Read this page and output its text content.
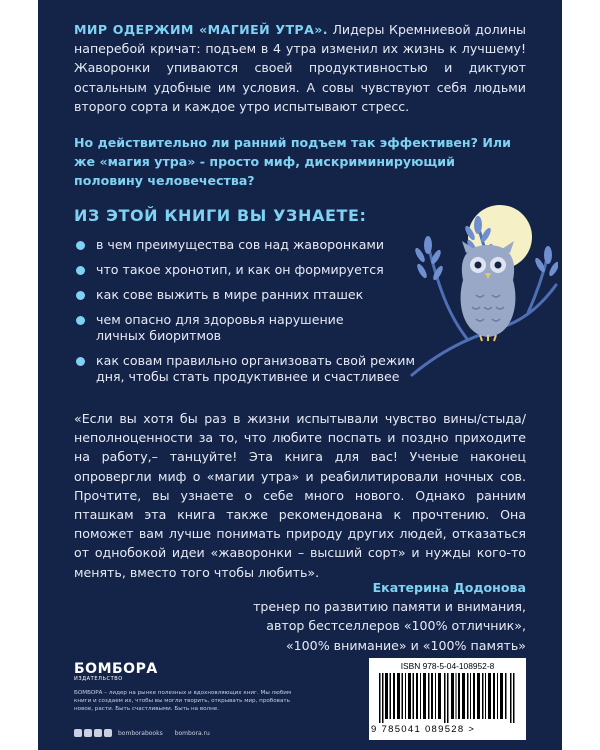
МИР ОДЕРЖИМ «МАГИЕЙ УТРА». Лидеры Кремниевой долины наперебой кричат: подъем в 4 утра изменил их жизнь к лучшему! Жаворонки упиваются своей продуктивностью и диктуют остальным удобные им условия. А совы чувствуют себя людьми второго сорта и каждое утро испытывают стресс.

Но действительно ли ранний подъем так эффективен? Или же «магия утра» - просто миф, дискриминирующий половину человечества?

ИЗ ЭТОЙ КНИГИ ВЫ УЗНАЕТЕ:
в чем преимущества сов над жаворонками
что такое хронотип, и как он формируется
как сове выжить в мире ранних пташек
чем опасно для здоровья нарушение личных биоритмов
как совам правильно организовать свой режим дня, чтобы стать продуктивнее и счастливее

«Если вы хотя бы раз в жизни испытывали чувство вины/стыда/неполноценности за то, что любите поспать и поздно приходите на работу,– танцуйте! Эта книга для вас! Ученые наконец опровергли миф о «магии утра» и реабилитировали ночных сов. Прочтите, вы узнаете о себе много нового. Однако ранним пташкам эта книга также рекомендована к прочтению. Она поможет вам лучше понимать природу других людей, отказаться от однобокой идеи «жаворонки – высший сорт» и нужды кого-то менять, вместо того чтобы любить».

Екатерина Додонова
тренер по развитию памяти и внимания,
автор бестселлеров «100% отличник»,
«100% внимание» и «100% память»
БОМБОРА
ИЗДАТЕЛЬСТВО
БОМБОРА – лидер на рынке полезных и вдохновляющих книг. Мы любим книги и создаем их, чтобы вы могли творить, открывать мир, пробовать новое, расти. Быть счастливыми. Быть на волне.
bomborabooks bombora.ru
ISBN 978-5-04-108952-8
9 785041 089528 >
